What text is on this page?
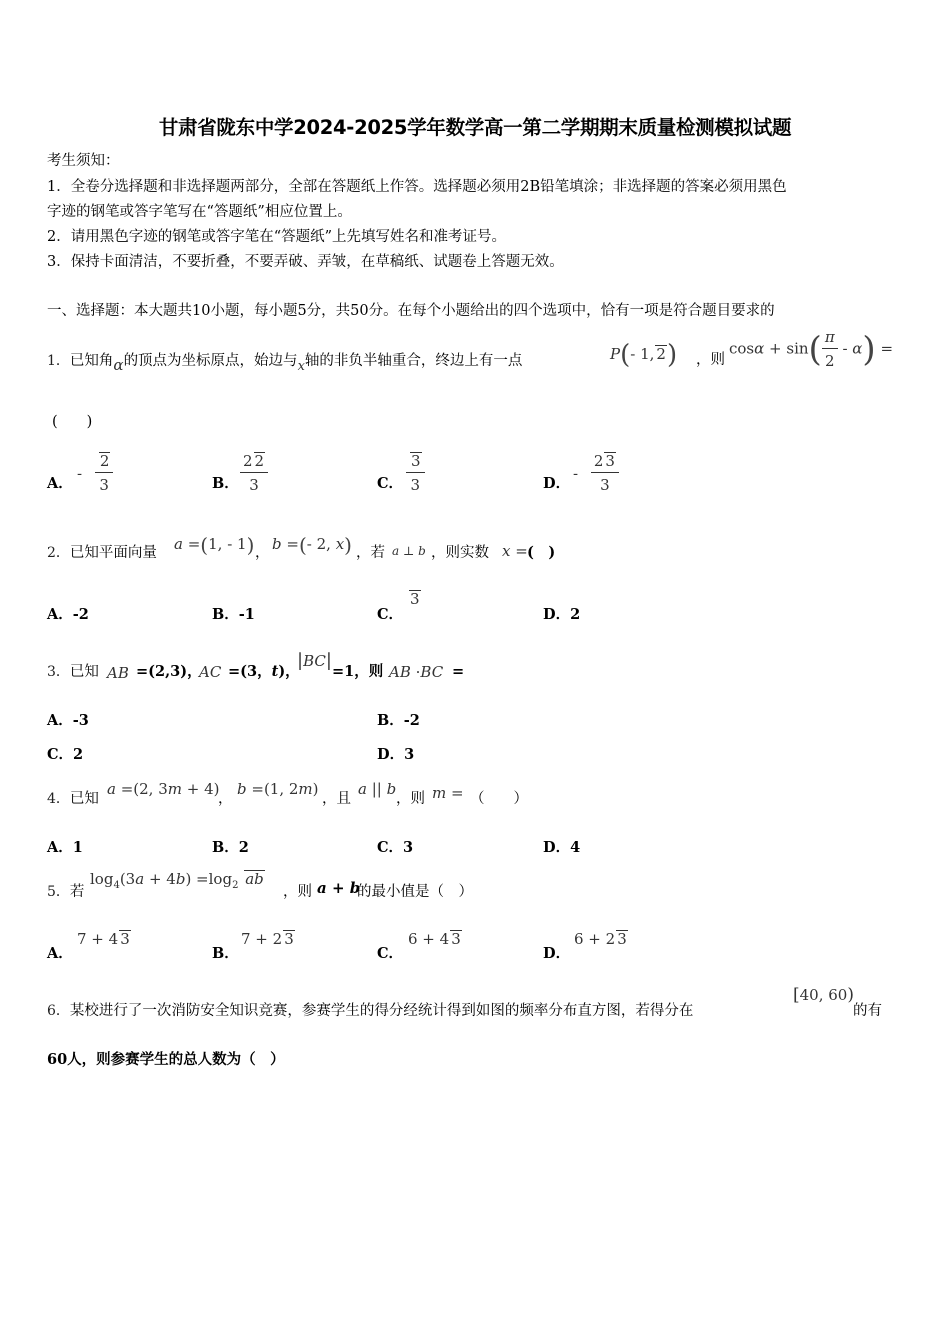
甘肃省陇东中学2024-2025学年数学高一第二学期期末质量检测模拟试题
考生须知：
1．全卷分选择题和非选择题两部分，全部在答题纸上作答。选择题必须用2B铅笔填涂；非选择题的答案必须用黑色
字迹的钢笔或答字笔写在“答题纸”相应位置上。
2．请用黑色字迹的钢笔或答字笔在“答题纸”上先填写姓名和准考证号。
3．保持卡面清洁，不要折叠，不要弄破、弄皱，在草稿纸、试题卷上答题无效。
一、选择题：本大题共10小题，每小题5分，共50分。在每个小题给出的四个选项中，恰有一项是符合题目要求的
1．已知角α的顶点为坐标原点，始边与x轴的非负半轴重合，终边上有一点	P(- 1, 2) ，则
$\cos\alpha + \sin( \frac{\pi}{2} - \alpha)$ =
(　　)
A．
- $\frac{2}{3}$	B． $\frac{2 2}{3}$	C． $\frac{3}{3}$	D．
- $\frac{2 3}{3}$
2．已知平面向量 a =(1, - 1) ， b =(- 2, x) ，若 a ⊥ b ，则实数 x = (　)
A．-2	B．-1	C．
3
D．2
3．已知 AB =(2,3)，
AC =(3，t)，
|BC|
=1，则 AB ·BC =
A．-3	B．-2
C．2	D．3
4．已知
a =(2, 3m + 4)
，
b =(1, 2m)
，且
a || b
，则 m = （　　）
A．1	B．2	C．3	D．4
5．若
$\log_4(3a + 4b) =\log_2$ ab
，则 a + b
的最小值是（　）
A．
7 + 4 3
B．
7 + 2 3
C．
6 + 4 3
D．
6 + 2 3
6．某校进行了一次消防安全知识竞赛，参赛学生的得分经统计得到如图的频率分布直方图，若得分在
[40, 60)
的有
60人，则参赛学生的总人数为（　）
